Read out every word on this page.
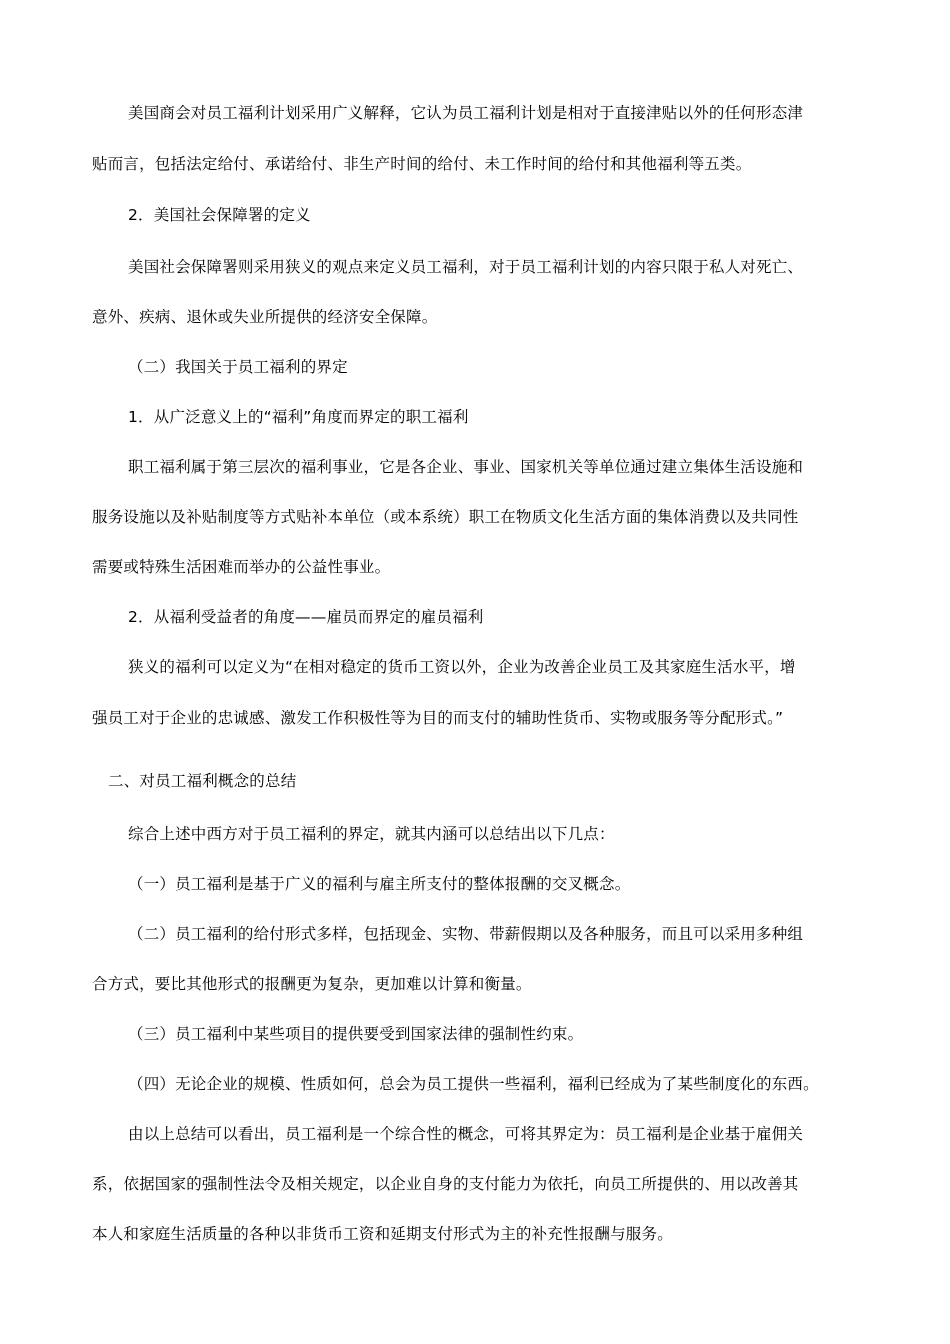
美国商会对员工福利计划采用广义解释，它认为员工福利计划是相对于直接津贴以外的任何形态津
贴而言，包括法定给付、承诺给付、非生产时间的给付、未工作时间的给付和其他福利等五类。
2．美国社会保障署的定义
美国社会保障署则采用狭义的观点来定义员工福利，对于员工福利计划的内容只限于私人对死亡、
意外、疾病、退休或失业所提供的经济安全保障。
（二）我国关于员工福利的界定
1．从广泛意义上的“福利”角度而界定的职工福利
职工福利属于第三层次的福利事业，它是各企业、事业、国家机关等单位通过建立集体生活设施和
服务设施以及补贴制度等方式贴补本单位（或本系统）职工在物质文化生活方面的集体消费以及共同性
需要或特殊生活困难而举办的公益性事业。
2．从福利受益者的角度——雇员而界定的雇员福利
狭义的福利可以定义为“在相对稳定的货币工资以外，企业为改善企业员工及其家庭生活水平，增
强员工对于企业的忠诚感、激发工作积极性等为目的而支付的辅助性货币、实物或服务等分配形式。”
二、对员工福利概念的总结
综合上述中西方对于员工福利的界定，就其内涵可以总结出以下几点：
（一）员工福利是基于广义的福利与雇主所支付的整体报酬的交叉概念。
（二）员工福利的给付形式多样，包括现金、实物、带薪假期以及各种服务，而且可以采用多种组
合方式，要比其他形式的报酬更为复杂，更加难以计算和衡量。
（三）员工福利中某些项目的提供要受到国家法律的强制性约束。
（四）无论企业的规模、性质如何，总会为员工提供一些福利，福利已经成为了某些制度化的东西。
由以上总结可以看出，员工福利是一个综合性的概念，可将其界定为：员工福利是企业基于雇佣关
系，依据国家的强制性法令及相关规定，以企业自身的支付能力为依托，向员工所提供的、用以改善其
本人和家庭生活质量的各种以非货币工资和延期支付形式为主的补充性报酬与服务。
